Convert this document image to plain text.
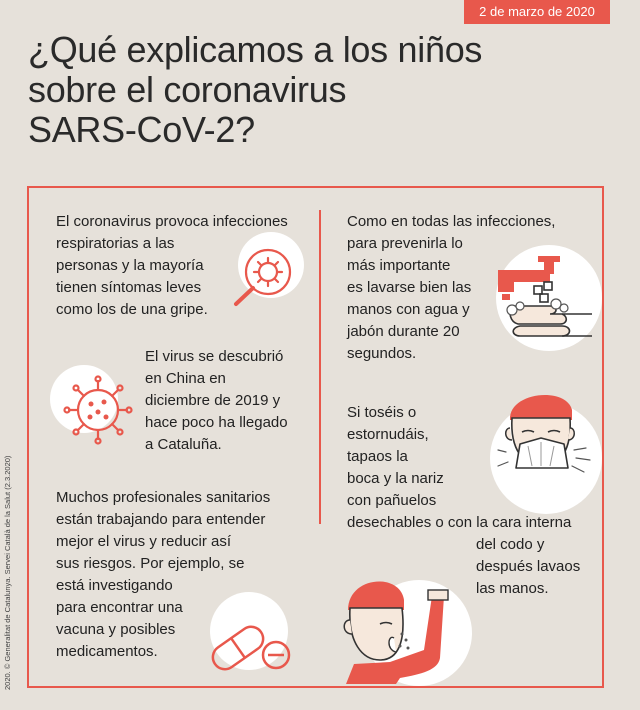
2 de marzo de 2020
¿Qué explicamos a los niños
sobre el coronavirus
SARS-CoV-2?
2020. © Generalitat de Catalunya. Servei Català de la Salut (2.3.2020)

El coronavirus provoca infecciones
respiratorias a las
personas y la mayoría
tienen síntomas leves
como los de una gripe.

El virus se descubrió
en China en
diciembre de 2019 y
hace poco ha llegado
a Cataluña.

Muchos profesionales sanitarios
están trabajando para entender
mejor el virus y reducir así
sus riesgos. Por ejemplo, se
está investigando
para encontrar una
vacuna y posibles
medicamentos.

Como en todas las infecciones,
para prevenirla lo
más importante
es lavarse bien las
manos con agua y
jabón durante 20
segundos.

Si toséis o
estornudáis,
tapaos la
boca y la nariz
con pañuelos
desechables o con la cara interna
del codo y
después lavaos
las manos.
